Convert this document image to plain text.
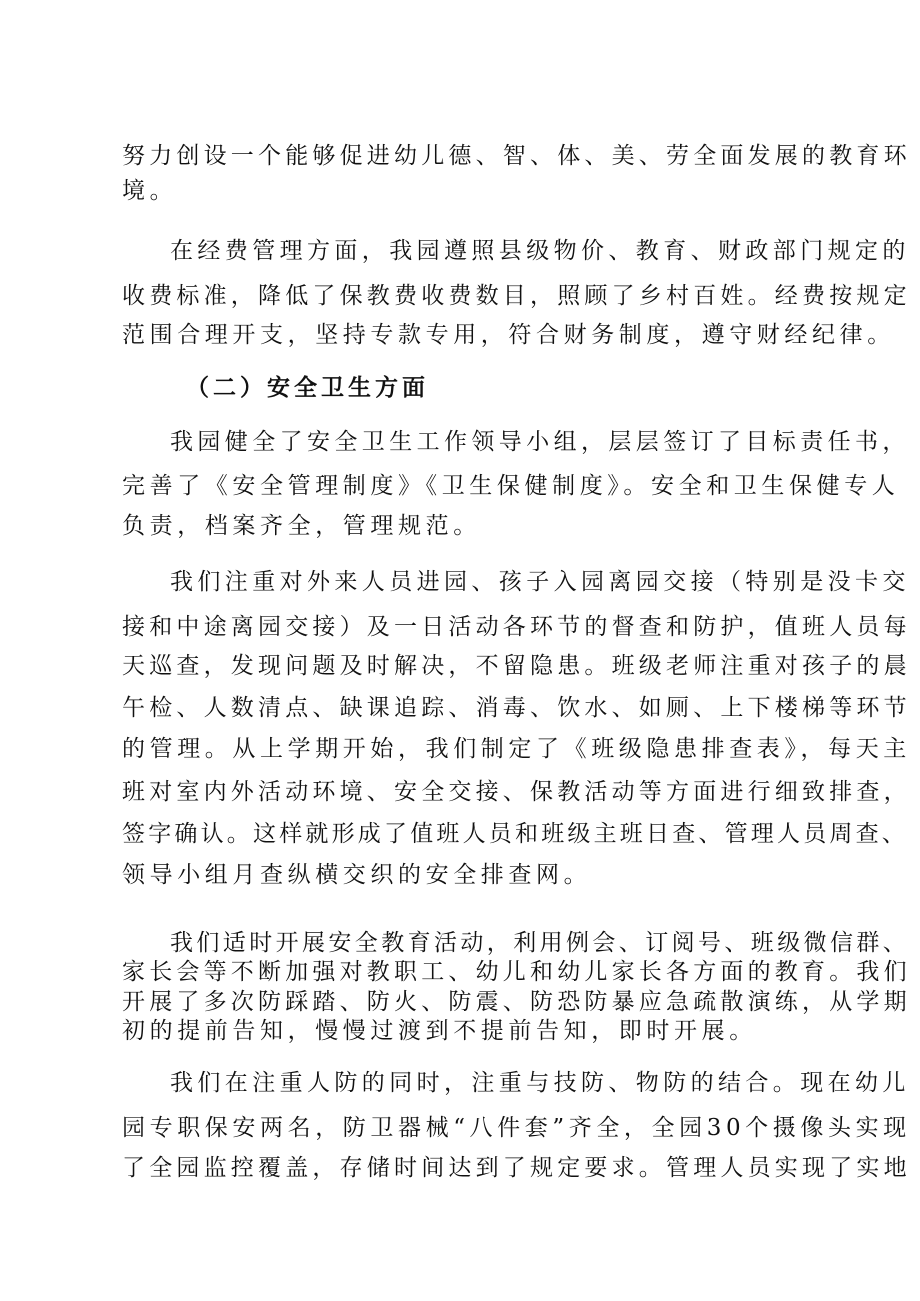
努力创设一个能够促进幼儿德、智、体、美、劳全面发展的教育环
境。
在经费管理方面，我园遵照县级物价、教育、财政部门规定的
收费标准，降低了保教费收费数目，照顾了乡村百姓。经费按规定
范围合理开支，坚持专款专用，符合财务制度，遵守财经纪律。
（二）安全卫生方面
我园健全了安全卫生工作领导小组，层层签订了目标责任书，
完善了《安全管理制度》《卫生保健制度》。安全和卫生保健专人
负责，档案齐全，管理规范。
我们注重对外来人员进园、孩子入园离园交接（特别是没卡交
接和中途离园交接）及一日活动各环节的督查和防护，值班人员每
天巡查，发现问题及时解决，不留隐患。班级老师注重对孩子的晨
午检、人数清点、缺课追踪、消毒、饮水、如厕、上下楼梯等环节
的管理。从上学期开始，我们制定了《班级隐患排查表》，每天主
班对室内外活动环境、安全交接、保教活动等方面进行细致排查，
签字确认。这样就形成了值班人员和班级主班日查、管理人员周查、
领导小组月查纵横交织的安全排查网。
我们适时开展安全教育活动，利用例会、订阅号、班级微信群、
家长会等不断加强对教职工、幼儿和幼儿家长各方面的教育。我们
开展了多次防踩踏、防火、防震、防恐防暴应急疏散演练，从学期
初的提前告知，慢慢过渡到不提前告知，即时开展。
我们在注重人防的同时，注重与技防、物防的结合。现在幼儿
园专职保安两名，防卫器械“八件套”齐全，全园30个摄像头实现
了全园监控覆盖，存储时间达到了规定要求。管理人员实现了实地
